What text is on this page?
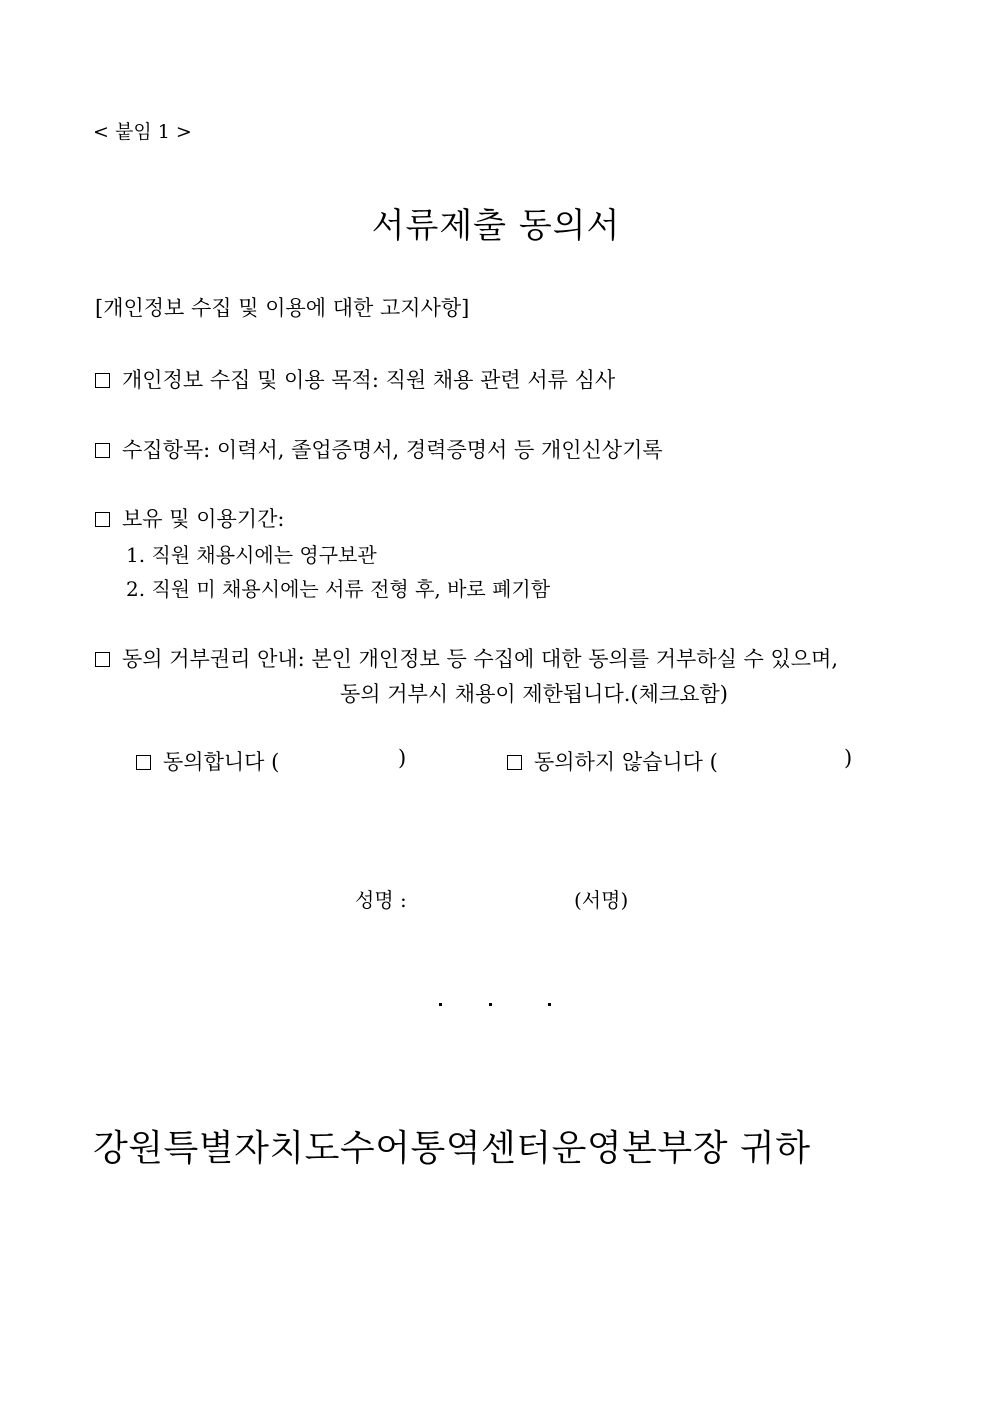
< 붙임 1 >
서류제출 동의서
[개인정보 수집 및 이용에 대한 고지사항]
개인정보 수집 및 이용 목적: 직원 채용 관련 서류 심사
수집항목: 이력서, 졸업증명서, 경력증명서 등 개인신상기록
보유 및 이용기간:
1. 직원 채용시에는 영구보관
2. 직원 미 채용시에는 서류 전형 후, 바로 폐기함
동의 거부권리 안내: 본인 개인정보 등 수집에 대한 동의를 거부하실 수 있으며,
동의 거부시 채용이 제한됩니다.(체크요함)
동의합니다 (	)	동의하지 않습니다 (	)
성명 :	(서명)
강원특별자치도수어통역센터운영본부장 귀하
